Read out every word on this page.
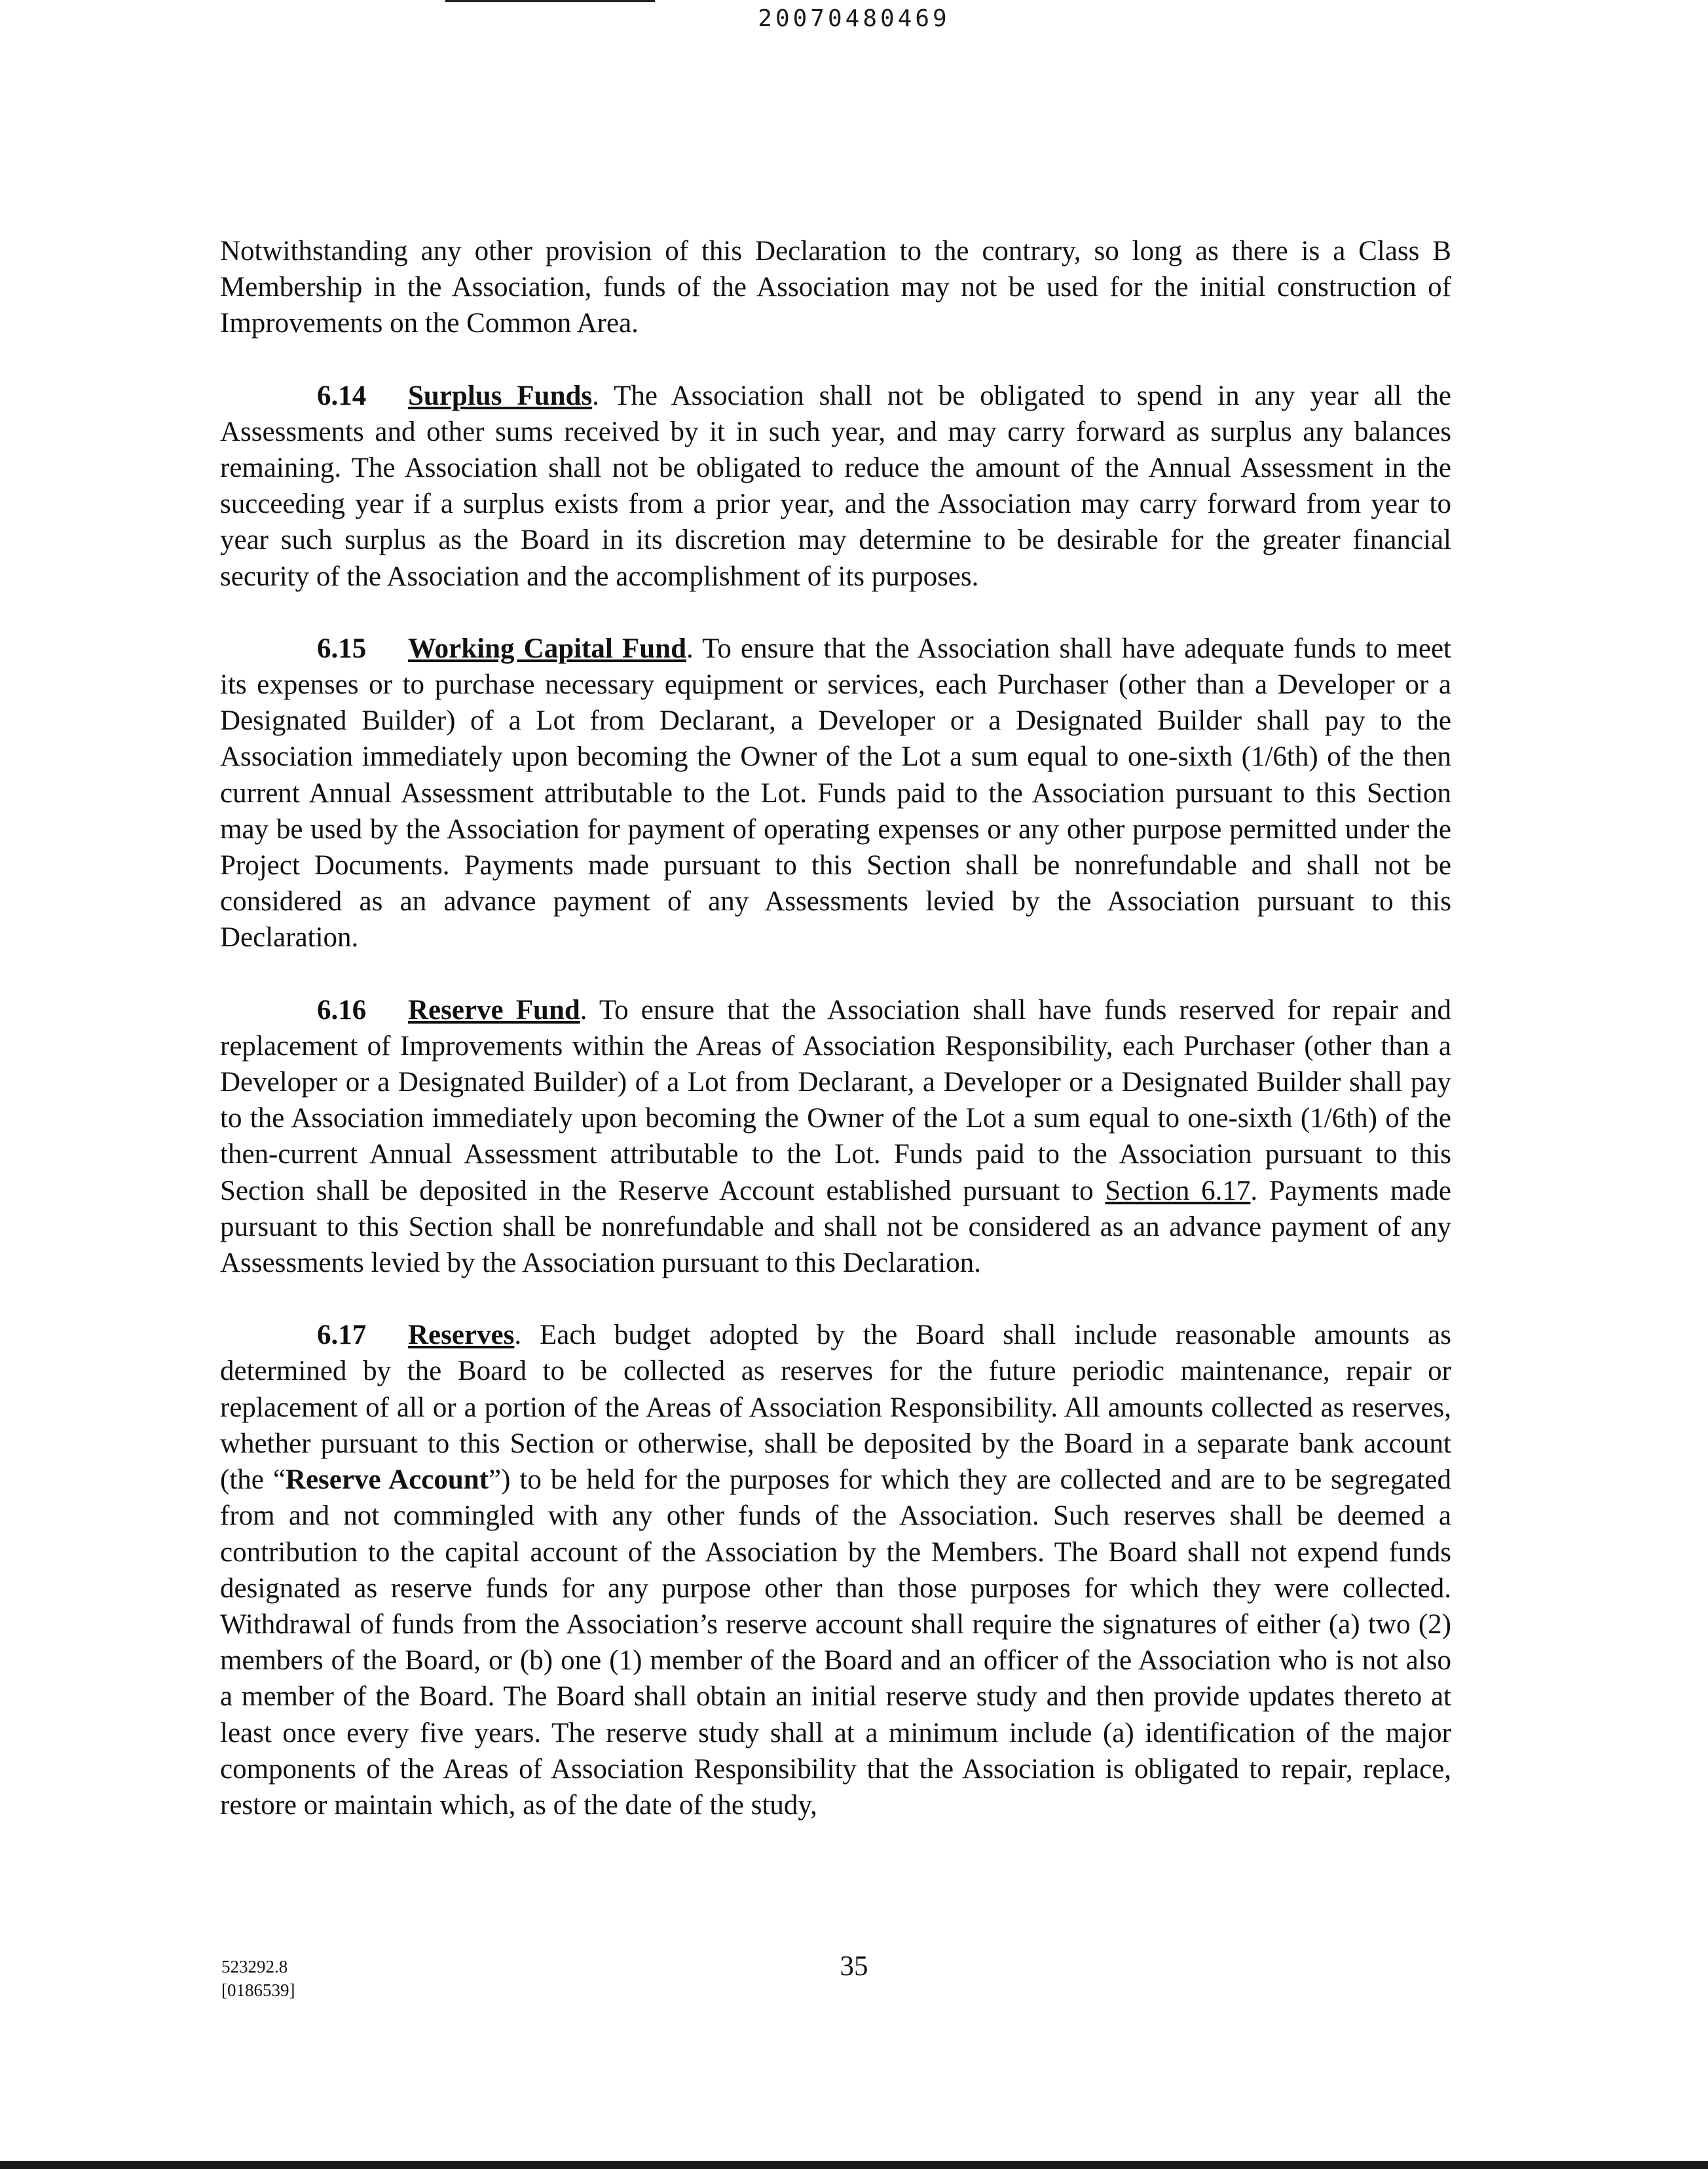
20070480469

Notwithstanding any other provision of this Declaration to the contrary, so long as there is a Class B Membership in the Association, funds of the Association may not be used for the initial construction of Improvements on the Common Area.

6.14 Surplus Funds. The Association shall not be obligated to spend in any year all the Assessments and other sums received by it in such year, and may carry forward as surplus any balances remaining. The Association shall not be obligated to reduce the amount of the Annual Assessment in the succeeding year if a surplus exists from a prior year, and the Association may carry forward from year to year such surplus as the Board in its discretion may determine to be desirable for the greater financial security of the Association and the accomplishment of its purposes.

6.15 Working Capital Fund. To ensure that the Association shall have adequate funds to meet its expenses or to purchase necessary equipment or services, each Purchaser (other than a Developer or a Designated Builder) of a Lot from Declarant, a Developer or a Designated Builder shall pay to the Association immediately upon becoming the Owner of the Lot a sum equal to one-sixth (1/6th) of the then current Annual Assessment attributable to the Lot. Funds paid to the Association pursuant to this Section may be used by the Association for payment of operating expenses or any other purpose permitted under the Project Documents. Payments made pursuant to this Section shall be nonrefundable and shall not be considered as an advance payment of any Assessments levied by the Association pursuant to this Declaration.

6.16 Reserve Fund. To ensure that the Association shall have funds reserved for repair and replacement of Improvements within the Areas of Association Responsibility, each Purchaser (other than a Developer or a Designated Builder) of a Lot from Declarant, a Developer or a Designated Builder shall pay to the Association immediately upon becoming the Owner of the Lot a sum equal to one-sixth (1/6th) of the then-current Annual Assessment attributable to the Lot. Funds paid to the Association pursuant to this Section shall be deposited in the Reserve Account established pursuant to Section 6.17. Payments made pursuant to this Section shall be nonrefundable and shall not be considered as an advance payment of any Assessments levied by the Association pursuant to this Declaration.

6.17 Reserves. Each budget adopted by the Board shall include reasonable amounts as determined by the Board to be collected as reserves for the future periodic maintenance, repair or replacement of all or a portion of the Areas of Association Responsibility. All amounts collected as reserves, whether pursuant to this Section or otherwise, shall be deposited by the Board in a separate bank account (the “Reserve Account”) to be held for the purposes for which they are collected and are to be segregated from and not commingled with any other funds of the Association. Such reserves shall be deemed a contribution to the capital account of the Association by the Members. The Board shall not expend funds designated as reserve funds for any purpose other than those purposes for which they were collected. Withdrawal of funds from the Association’s reserve account shall require the signatures of either (a) two (2) members of the Board, or (b) one (1) member of the Board and an officer of the Association who is not also a member of the Board. The Board shall obtain an initial reserve study and then provide updates thereto at least once every five years. The reserve study shall at a minimum include (a) identification of the major components of the Areas of Association Responsibility that the Association is obligated to repair, replace, restore or maintain which, as of the date of the study,

523292.8
[0186539]
35
